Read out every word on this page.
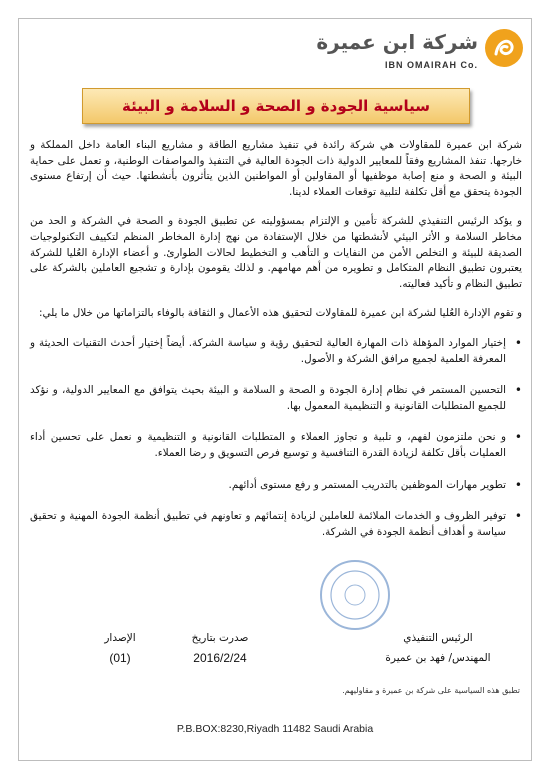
شركة ابن عميرة
IBN OMAIRAH Co.
سياسية الجودة و الصحة و السلامة و البيئة

شركة ابن عميرة للمقاولات هي شركة رائدة في تنفيذ مشاريع الطاقة و مشاريع البناء العامة داخل المملكة و خارجها. تنفذ المشاريع وفقاً للمعايير الدولية ذات الجودة العالية في التنفيذ والمواصفات الوطنية، و تعمل على حماية البيئة و الصحة و منع إصابة موظفيها أو المقاولين أو المواطنين الذين يتأثرون بأنشطتها. حيث أن إرتفاع مستوى الجودة يتحقق مع أقل تكلفة لتلبية توقعات العملاء لدينا.

و يؤكد الرئيس التنفيذي للشركة تأمين و الإلتزام بمسؤوليته عن تطبيق الجودة و الصحة في الشركة و الحد من مخاطر السلامة و الأثر البيئي لأنشطتها من خلال الإستفادة من نهج إدارة المخاطر المنظم لتكييف التكنولوجيات الصديقة للبيئة و التخلص الأمن من النفايات و التأهب و التخطيط لحالات الطوارئ. و أعضاء الإدارة العُليا للشركة يعتبرون تطبيق النظام المتكامل و تطويره من أهم مهامهم. و لذلك يقومون بإدارة و تشجيع العاملين بالشركة على تطبيق النظام و تأكيد فعاليته.

و تقوم الإدارة العُليا لشركة ابن عميرة للمقاولات لتحقيق هذه الأعمال و الثقافة بالوفاء بالتزاماتها من خلال ما يلي:

• إختيار الموارد المؤهلة ذات المهارة العالية لتحقيق رؤية و سياسة الشركة. أيضاً إختيار أحدث التقنيات الحديثة و المعرفة العلمية لجميع مرافق الشركة و الأصول.
• التحسين المستمر في نظام إدارة الجودة و الصحة و السلامة و البيئة بحيث يتوافق مع المعايير الدولية، و نؤكد للجميع المتطلبات القانونية و التنظيمية المعمول بها.
• و نحن ملتزمون لفهم، و تلبية و تجاوز العملاء و المتطلبات القانونية و التنظيمية و نعمل على تحسين أداء العمليات بأقل تكلفة لزيادة القدرة التنافسية و توسيع فرص التسويق و رضا العملاء.
• تطوير مهارات الموظفين بالتدريب المستمر و رفع مستوى أدائهم.
• توفير الظروف و الخدمات الملائمة للعاملين لزيادة إنتمائهم و تعاونهم في تطبيق أنظمة الجودة المهنية و تحقيق سياسة و أهداف أنظمة الجودة في الشركة.
الرئيس التنفيذي
المهندس/ فهد بن عميرة
صدرت بتاريخ
2016/2/24
الإصدار
(01)
تطبق هذه السياسية على شركة بن عميرة و مقاوليهم.
P.B.BOX:8230,Riyadh 11482 Saudi Arabia
